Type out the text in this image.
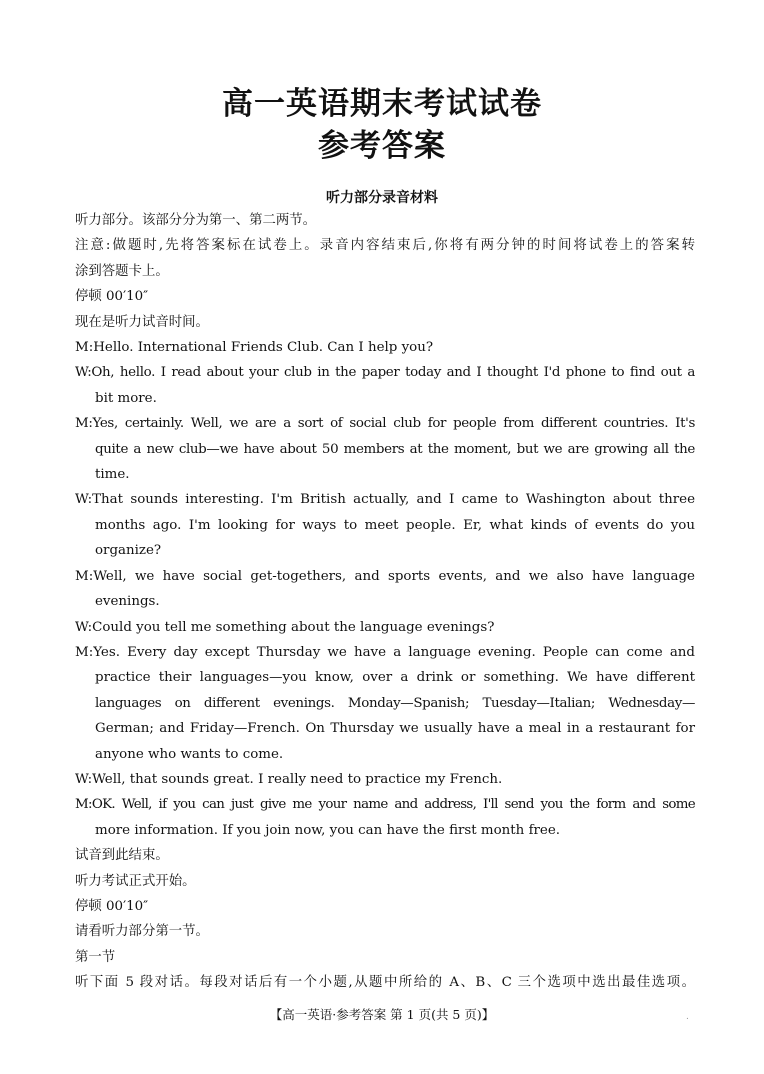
高一英语期末考试试卷
参考答案
听力部分录音材料
听力部分。该部分分为第一、第二两节。
注意:做题时,先将答案标在试卷上。录音内容结束后,你将有两分钟的时间将试卷上的答案转
涂到答题卡上。
停顿 00′10″
现在是听力试音时间。
M:Hello. International Friends Club. Can I help you?
W:Oh, hello. I read about your club in the paper today and I thought I'd phone to find out a
bit more.
M:Yes, certainly. Well, we are a sort of social club for people from different countries. It's
quite a new club—we have about 50 members at the moment, but we are growing all the
time.
W:That sounds interesting. I'm British actually, and I came to Washington about three
months ago. I'm looking for ways to meet people. Er, what kinds of events do you
organize?
M:Well, we have social get-togethers, and sports events, and we also have language
evenings.
W:Could you tell me something about the language evenings?
M:Yes. Every day except Thursday we have a language evening. People can come and
practice their languages—you know, over a drink or something. We have different
languages on different evenings. Monday—Spanish; Tuesday—Italian; Wednesday—
German; and Friday—French. On Thursday we usually have a meal in a restaurant for
anyone who wants to come.
W:Well, that sounds great. I really need to practice my French.
M:OK. Well, if you can just give me your name and address, I'll send you the form and some
more information. If you join now, you can have the first month free.
试音到此结束。
听力考试正式开始。
停顿 00′10″
请看听力部分第一节。
第一节
听下面 5 段对话。每段对话后有一个小题,从题中所给的 A、B、C 三个选项中选出最佳选项。
【高一英语·参考答案 第 1 页(共 5 页)】	.
